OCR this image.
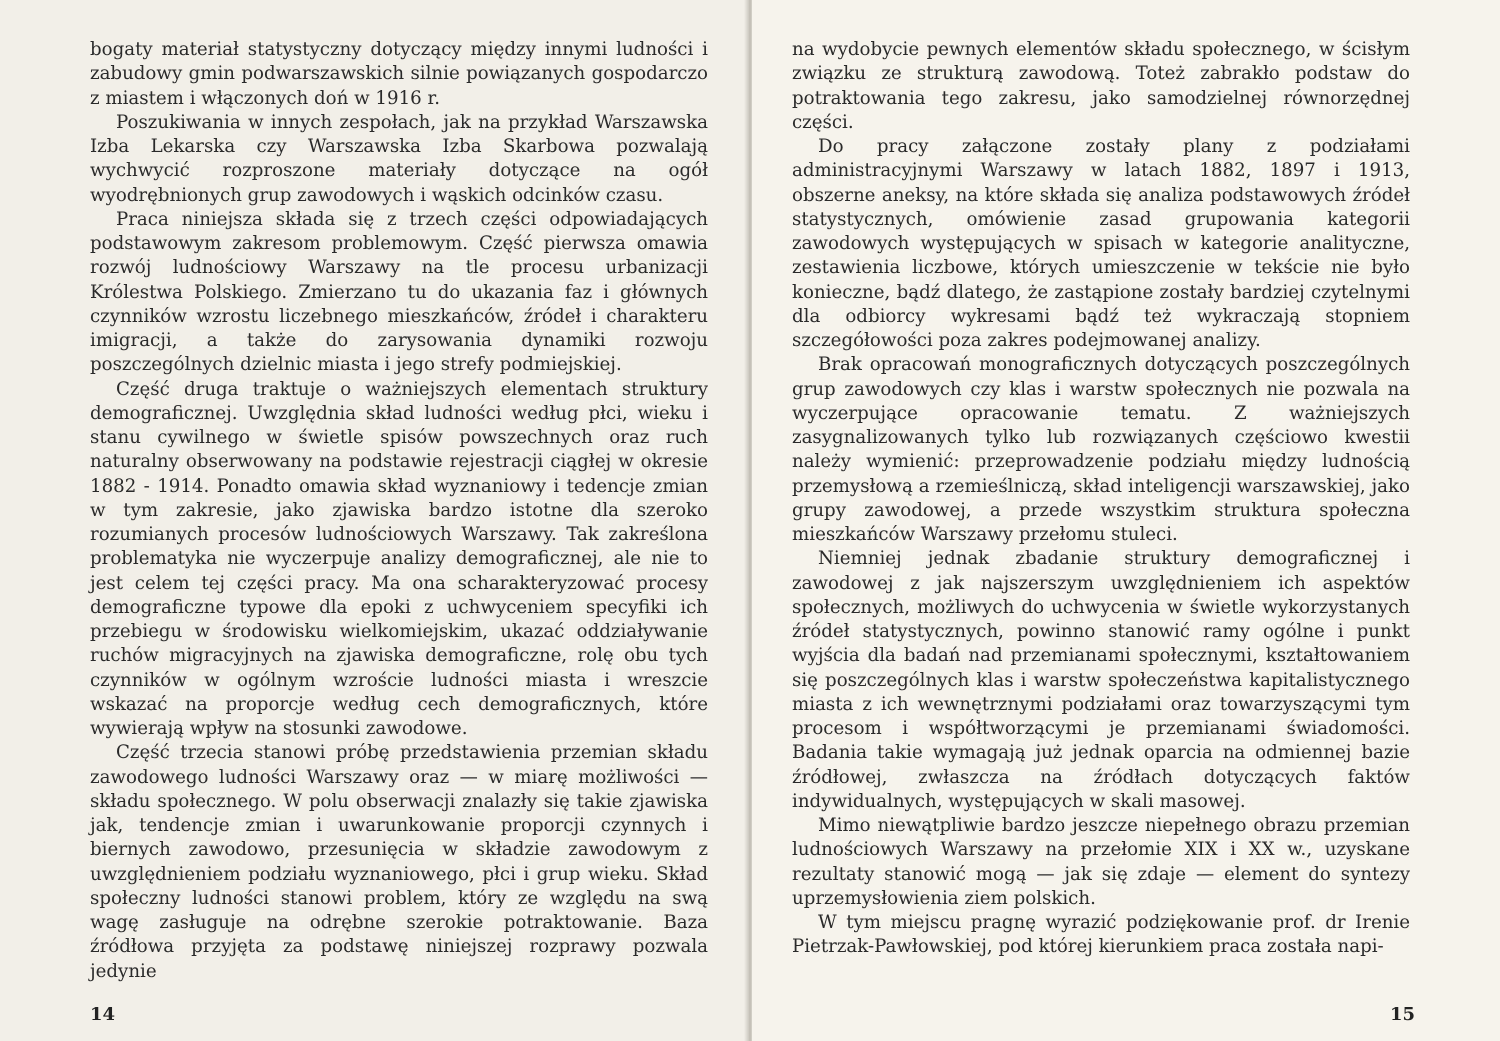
bogaty materiał statystyczny dotyczący między innymi ludności i zabudowy gmin podwarszawskich silnie powiązanych gospodarczo z miastem i włączonych doń w 1916 r.

Poszukiwania w innych zespołach, jak na przykład Warszawska Izba Lekarska czy Warszawska Izba Skarbowa pozwalają wychwycić rozproszone materiały dotyczące na ogół wyodrębnionych grup zawodowych i wąskich odcinków czasu.

Praca niniejsza składa się z trzech części odpowiadających podstawowym zakresom problemowym. Część pierwsza omawia rozwój ludnościowy Warszawy na tle procesu urbanizacji Królestwa Polskiego. Zmierzano tu do ukazania faz i głównych czynników wzrostu liczebnego mieszkańców, źródeł i charakteru imigracji, a także do zarysowania dynamiki rozwoju poszczególnych dzielnic miasta i jego strefy podmiejskiej.

Część druga traktuje o ważniejszych elementach struktury demograficznej. Uwzględnia skład ludności według płci, wieku i stanu cywilnego w świetle spisów powszechnych oraz ruch naturalny obserwowany na podstawie rejestracji ciągłej w okresie 1882 - 1914. Ponadto omawia skład wyznaniowy i tedencje zmian w tym zakresie, jako zjawiska bardzo istotne dla szeroko rozumianych procesów ludnościowych Warszawy. Tak zakreślona problematyka nie wyczerpuje analizy demograficznej, ale nie to jest celem tej części pracy. Ma ona scharakteryzować procesy demograficzne typowe dla epoki z uchwyceniem specyfiki ich przebiegu w środowisku wielkomiejskim, ukazać oddziaływanie ruchów migracyjnych na zjawiska demograficzne, rolę obu tych czynników w ogólnym wzroście ludności miasta i wreszcie wskazać na proporcje według cech demograficznych, które wywierają wpływ na stosunki zawodowe.

Część trzecia stanowi próbę przedstawienia przemian składu zawodowego ludności Warszawy oraz — w miarę możliwości — składu społecznego. W polu obserwacji znalazły się takie zjawiska jak, tendencje zmian i uwarunkowanie proporcji czynnych i biernych zawodowo, przesunięcia w składzie zawodowym z uwzględnieniem podziału wyznaniowego, płci i grup wieku. Skład społeczny ludności stanowi problem, który ze względu na swą wagę zasługuje na odrębne szerokie potraktowanie. Baza źródłowa przyjęta za podstawę niniejszej rozprawy pozwala jedynie

14

na wydobycie pewnych elementów składu społecznego, w ścisłym związku ze strukturą zawodową. Toteż zabrakło podstaw do potraktowania tego zakresu, jako samodzielnej równorzędnej części.

Do pracy załączone zostały plany z podziałami administracyjnymi Warszawy w latach 1882, 1897 i 1913, obszerne aneksy, na które składa się analiza podstawowych źródeł statystycznych, omówienie zasad grupowania kategorii zawodowych występujących w spisach w kategorie analityczne, zestawienia liczbowe, których umieszczenie w tekście nie było konieczne, bądź dlatego, że zastąpione zostały bardziej czytelnymi dla odbiorcy wykresami bądź też wykraczają stopniem szczegółowości poza zakres podejmowanej analizy.

Brak opracowań monograficznych dotyczących poszczególnych grup zawodowych czy klas i warstw społecznych nie pozwala na wyczerpujące opracowanie tematu. Z ważniejszych zasygnalizowanych tylko lub rozwiązanych częściowo kwestii należy wymienić: przeprowadzenie podziału między ludnością przemysłową a rzemieślniczą, skład inteligencji warszawskiej, jako grupy zawodowej, a przede wszystkim struktura społeczna mieszkańców Warszawy przełomu stuleci.

Niemniej jednak zbadanie struktury demograficznej i zawodowej z jak najszerszym uwzględnieniem ich aspektów społecznych, możliwych do uchwycenia w świetle wykorzystanych źródeł statystycznych, powinno stanowić ramy ogólne i punkt wyjścia dla badań nad przemianami społecznymi, kształtowaniem się poszczególnych klas i warstw społeczeństwa kapitalistycznego miasta z ich wewnętrznymi podziałami oraz towarzyszącymi tym procesom i współtworzącymi je przemianami świadomości. Badania takie wymagają już jednak oparcia na odmiennej bazie źródłowej, zwłaszcza na źródłach dotyczących faktów indywidualnych, występujących w skali masowej.

Mimo niewątpliwie bardzo jeszcze niepełnego obrazu przemian ludnościowych Warszawy na przełomie XIX i XX w., uzyskane rezultaty stanowić mogą — jak się zdaje — element do syntezy uprzemysłowienia ziem polskich.

W tym miejscu pragnę wyrazić podziękowanie prof. dr Irenie Pietrzak-Pawłowskiej, pod której kierunkiem praca została napi-

15
